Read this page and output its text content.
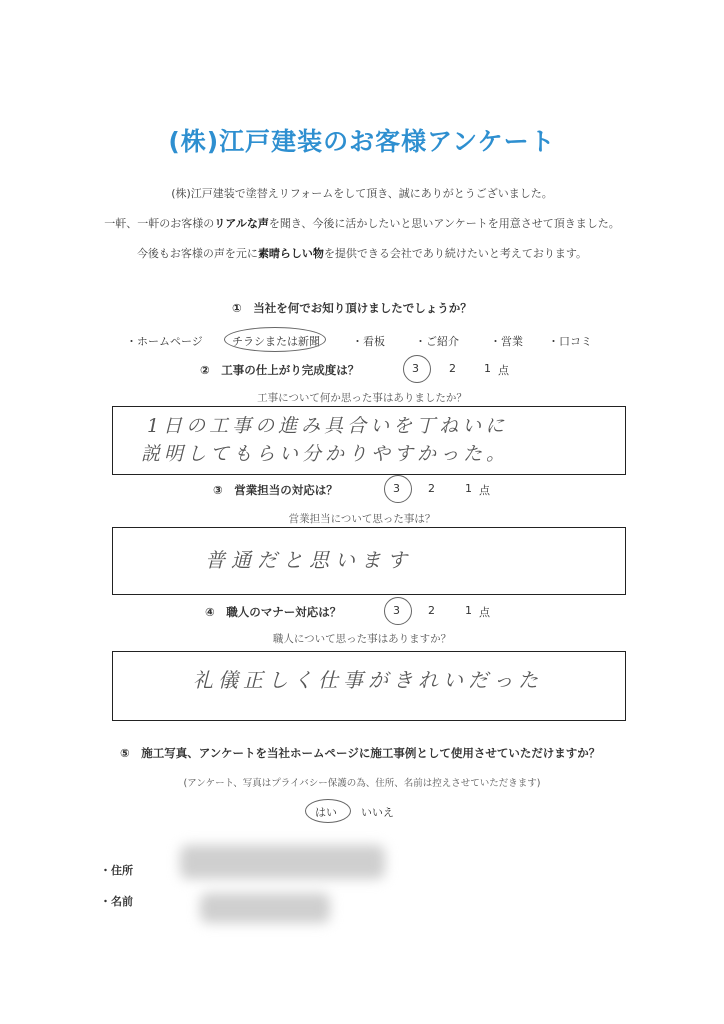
(株)江戸建装のお客様アンケート
(株)江戸建装で塗替えリフォームをして頂き、誠にありがとうございました。
一軒、一軒のお客様のリアルな声を聞き、今後に活かしたいと思いアンケートを用意させて頂きました。
今後もお客様の声を元に素晴らしい物を提供できる会社であり続けたいと考えております。
①　当社を何でお知り頂けましたでしょうか？
・ホームページ	チラシまたは新聞	・看板	・ご紹介	・営業 ・口コミ
②　工事の仕上がり完成度は？	3	2	1 点
工事について何か思った事はありましたか？
1日の工事の進み具合いを丁ねいに
説明してもらい分かりやすかった。
③　営業担当の対応は？	3	2	1 点
営業担当について思った事は？
普通だと思います
④　職人のマナー対応は？	3	2	1 点
職人について思った事はありますか？
礼儀正しく仕事がきれいだった
⑤　施工写真、アンケートを当社ホームページに施工事例として使用させていただけますか？
(アンケート、写真はプライバシー保護の為、住所、名前は控えさせていただきます)
はい いいえ
・住所
・名前
